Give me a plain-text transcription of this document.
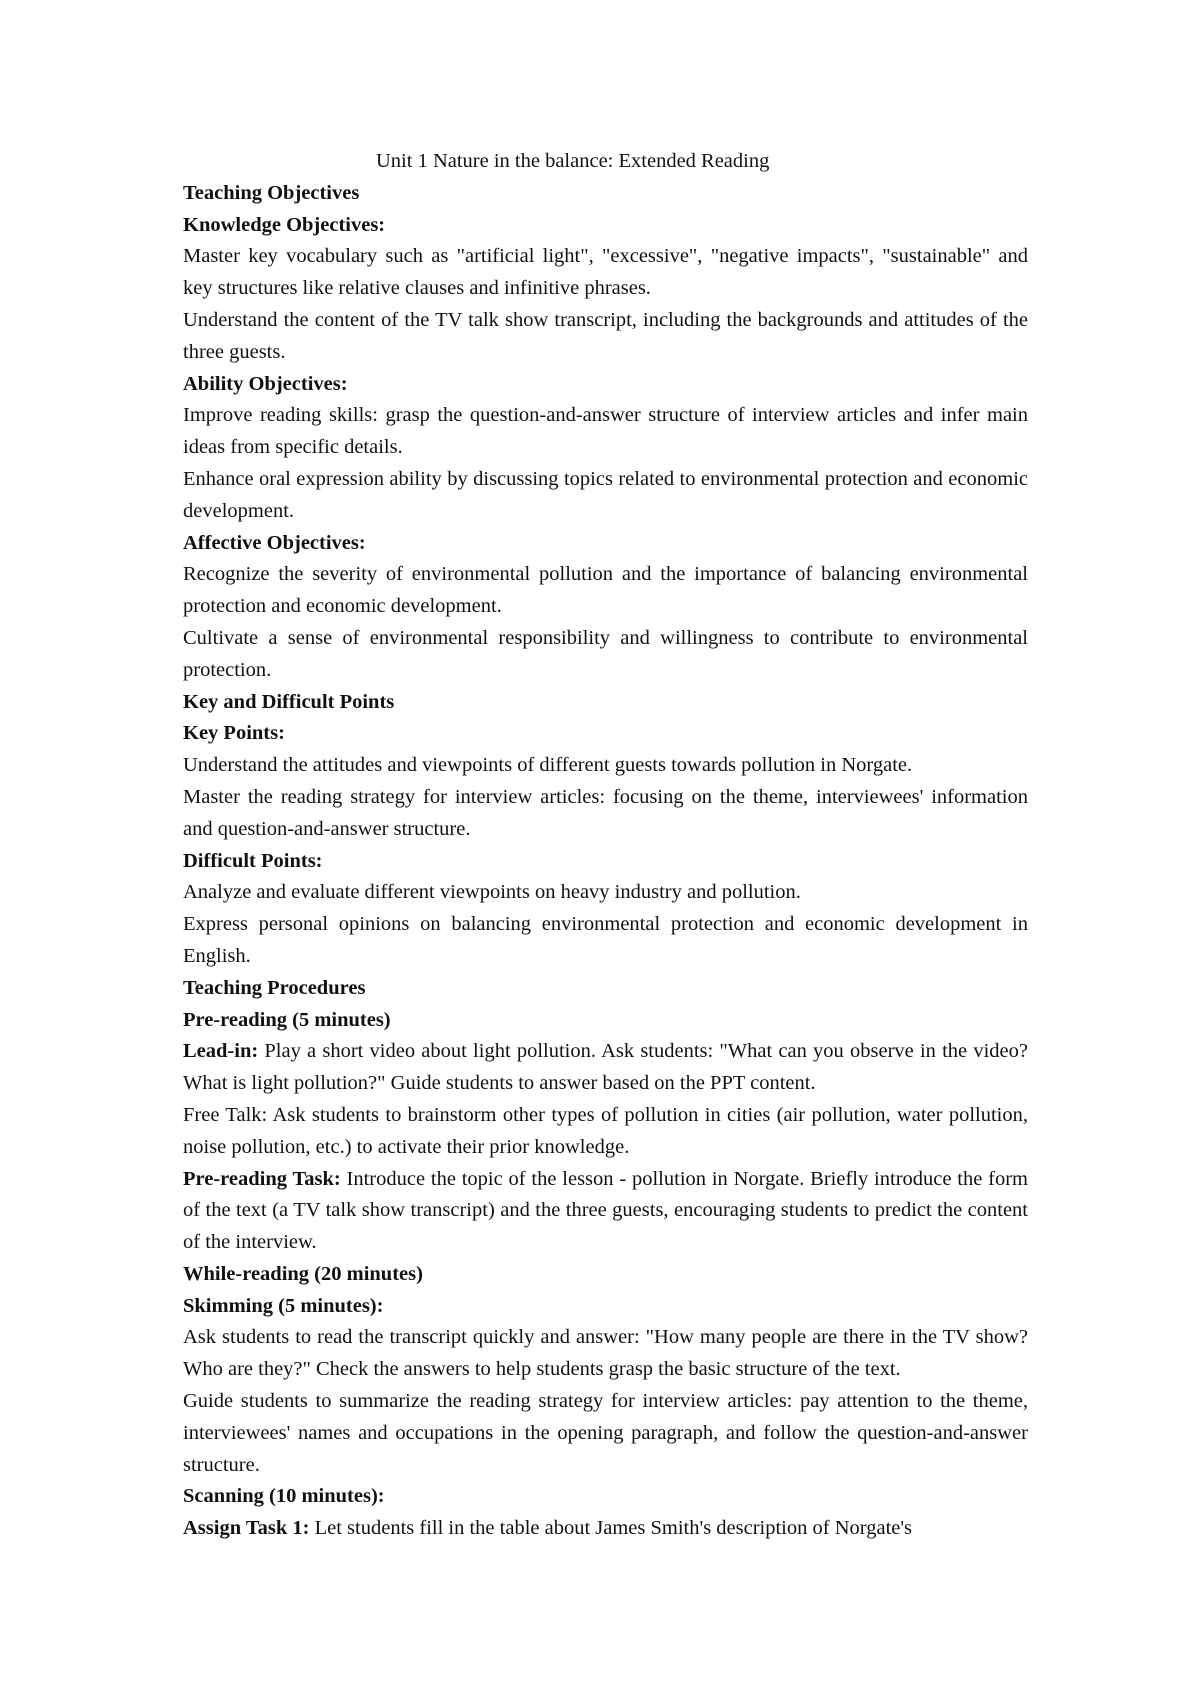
Unit 1 Nature in the balance: Extended Reading

Teaching Objectives

Knowledge Objectives:

Master key vocabulary such as "artificial light", "excessive", "negative impacts", "sustainable" and key structures like relative clauses and infinitive phrases.

Understand the content of the TV talk show transcript, including the backgrounds and attitudes of the three guests.

Ability Objectives:

Improve reading skills: grasp the question-and-answer structure of interview articles and infer main ideas from specific details.

Enhance oral expression ability by discussing topics related to environmental protection and economic development.

Affective Objectives:

Recognize the severity of environmental pollution and the importance of balancing environmental protection and economic development.

Cultivate a sense of environmental responsibility and willingness to contribute to environmental protection.

Key and Difficult Points

Key Points:

Understand the attitudes and viewpoints of different guests towards pollution in Norgate.

Master the reading strategy for interview articles: focusing on the theme, interviewees' information and question-and-answer structure.

Difficult Points:

Analyze and evaluate different viewpoints on heavy industry and pollution.

Express personal opinions on balancing environmental protection and economic development in English.

Teaching Procedures

Pre-reading (5 minutes)

Lead-in: Play a short video about light pollution. Ask students: "What can you observe in the video? What is light pollution?" Guide students to answer based on the PPT content.

Free Talk: Ask students to brainstorm other types of pollution in cities (air pollution, water pollution, noise pollution, etc.) to activate their prior knowledge.

Pre-reading Task: Introduce the topic of the lesson - pollution in Norgate. Briefly introduce the form of the text (a TV talk show transcript) and the three guests, encouraging students to predict the content of the interview.

While-reading (20 minutes)

Skimming (5 minutes):

Ask students to read the transcript quickly and answer: "How many people are there in the TV show? Who are they?" Check the answers to help students grasp the basic structure of the text.

Guide students to summarize the reading strategy for interview articles: pay attention to the theme, interviewees' names and occupations in the opening paragraph, and follow the question-and-answer structure.

Scanning (10 minutes):

Assign Task 1: Let students fill in the table about James Smith's description of Norgate's
